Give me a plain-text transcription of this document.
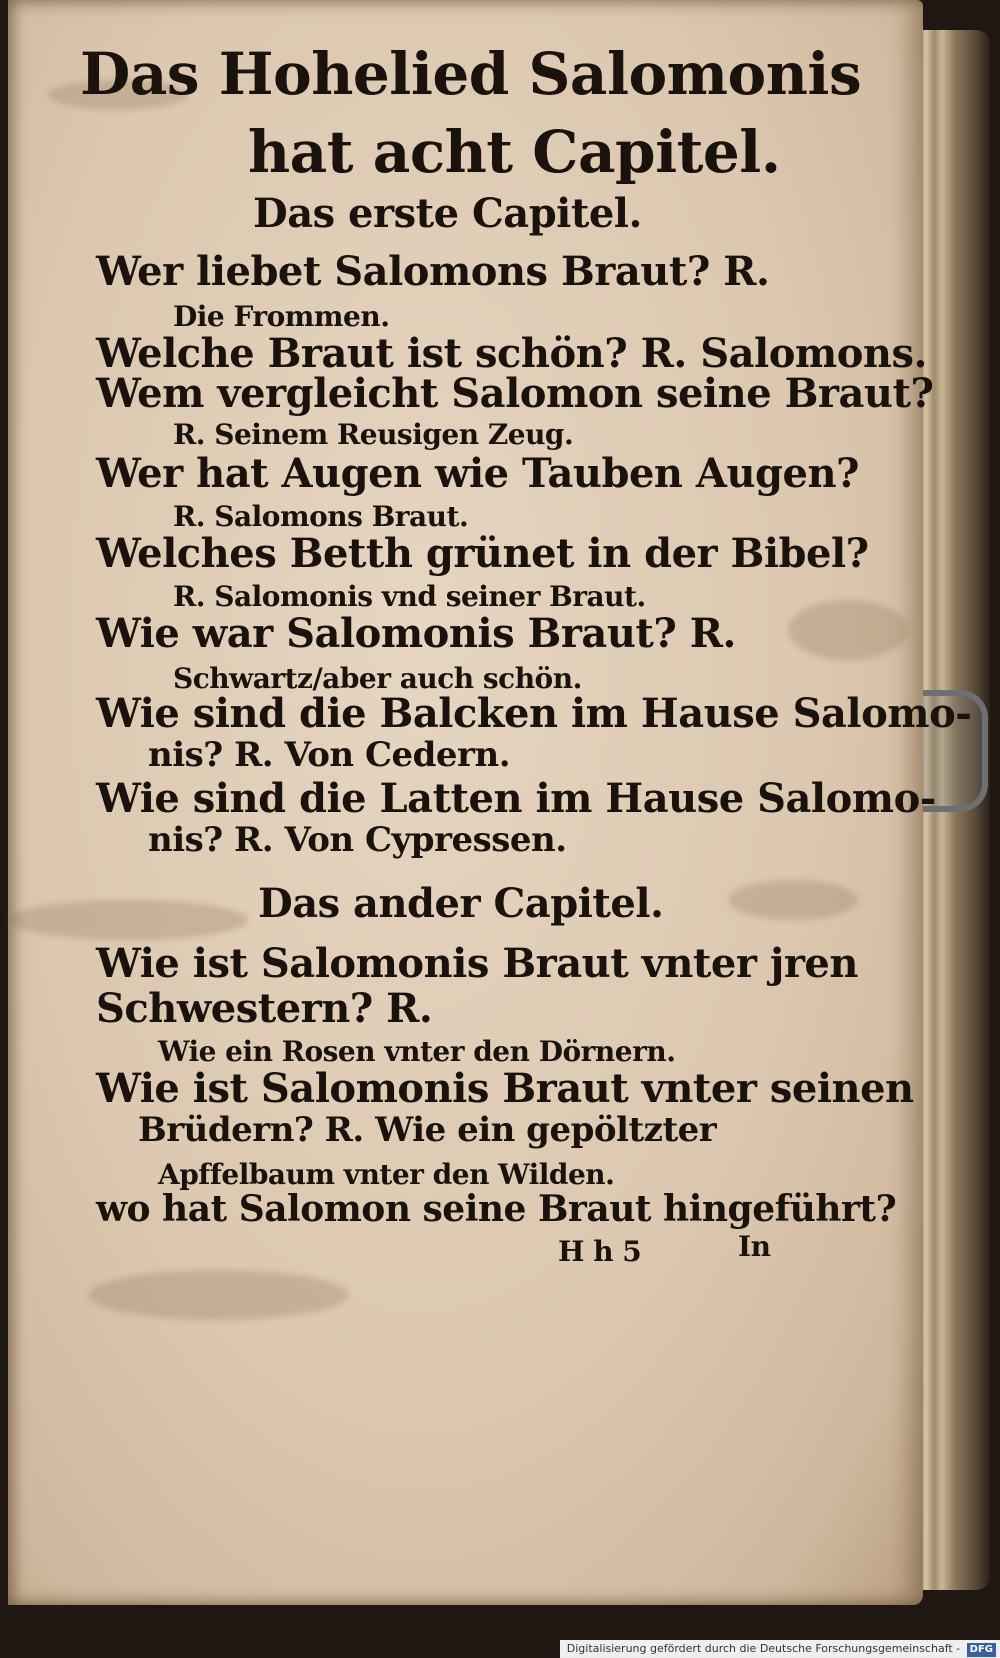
Das Hohelied Salomonis
hat acht Capitel.
Das erste Capitel.
Wer liebet Salomons Braut? R.
Die Frommen.
Welche Braut ist schön? R. Salomons.
Wem vergleicht Salomon seine Braut?
R. Seinem Reusigen Zeug.
Wer hat Augen wie Tauben Augen?
R. Salomons Braut.
Welches Betth grünet in der Bibel?
R. Salomonis vnd seiner Braut.
Wie war Salomonis Braut? R.
Schwartz/aber auch schön.
Wie sind die Balcken im Hause Salomo-
nis? R. Von Cedern.
Wie sind die Latten im Hause Salomo-
nis? R. Von Cypressen.
Das ander Capitel.
Wie ist Salomonis Braut vnter jren
Schwestern? R.
Wie ein Rosen vnter den Dörnern.
Wie ist Salomonis Braut vnter seinen
Brüdern? R. Wie ein gepöltzter
Apffelbaum vnter den Wilden.
wo hat Salomon seine Braut hingeführt?
H h 5	In
Digitalisierung gefördert durch die Deutsche Forschungsgemeinschaft - DFG
